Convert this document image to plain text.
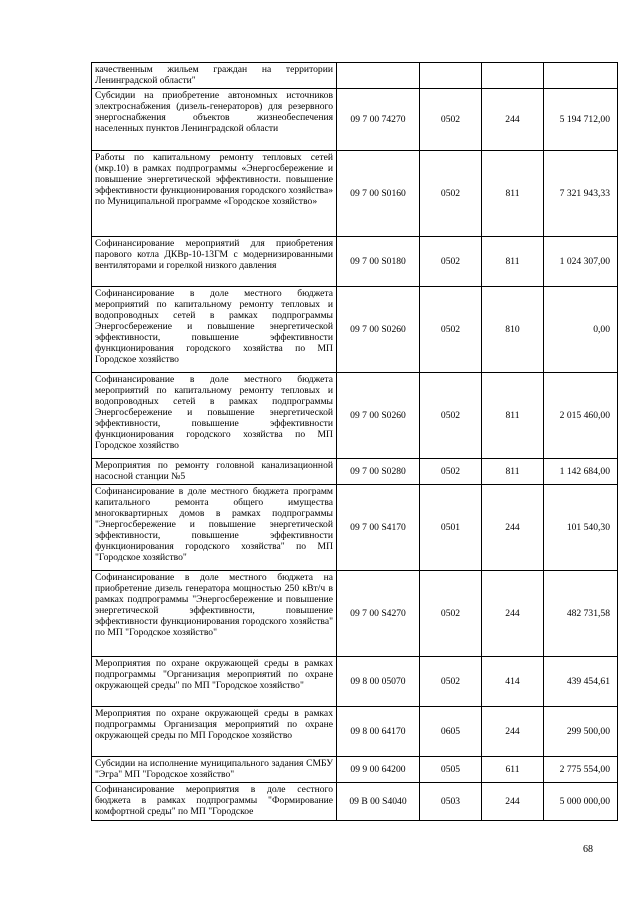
качественным жильем граждан на территории Ленинградской области"				
Субсидии на приобретение автономных источников электроснабжения (дизель-генераторов) для резервного энергоснабжения объектов жизнеобеспечения населенных пунктов Ленинградской области	09 7 00 74270	0502	244	5 194 712,00
Работы по капитальному ремонту тепловых сетей (мкр.10) в рамках подпрограммы «Энергосбережение и повышение энергетической эффективности. повышение эффективности функционирования городского хозяйства» по Муниципальной программе «Городское хозяйство»	09 7 00 S0160	0502	811	7 321 943,33
Софинансирование мероприятий для приобретения парового котла ДКВр-10-13ГМ с модернизированными вентиляторами и горелкой низкого давления	09 7 00 S0180	0502	811	1 024 307,00
Софинансирование в доле местного бюджета мероприятий по капитальному ремонту тепловых и водопроводных сетей в рамках подпрограммы Энергосбережение и повышение энергетической эффективности, повышение эффективности функционирования городского хозяйства по МП Городское хозяйство	09 7 00 S0260	0502	810	0,00
Софинансирование в доле местного бюджета мероприятий по капитальному ремонту тепловых и водопроводных сетей в рамках подпрограммы Энергосбережение и повышение энергетической эффективности, повышение эффективности функционирования городского хозяйства по МП Городское хозяйство	09 7 00 S0260	0502	811	2 015 460,00
Мероприятия по ремонту головной канализационной насосной станции №5	09 7 00 S0280	0502	811	1 142 684,00
Софинансирование в доле местного бюджета программ капитального ремонта общего имущества многоквартирных домов в рамках подпрограммы "Энергосбережение и повышение энергетической эффективности, повышение эффективности функционирования городского хозяйства" по МП "Городское хозяйство"	09 7 00 S4170	0501	244	101 540,30
Софинансирование в доле местного бюджета на приобретение дизель генератора мощностью 250 кВт/ч в рамках подпрограммы "Энергосбережение и повышение энергетической эффективности, повышение эффективности функционирования городского хозяйства" по МП "Городское хозяйство"	09 7 00 S4270	0502	244	482 731,58
Мероприятия по охране окружающей среды в рамках подпрограммы "Организация мероприятий по охране окружающей среды" по МП "Городское хозяйство"	09 8 00 05070	0502	414	439 454,61
Мероприятия по охране окружающей среды в рамках подпрограммы Организация мероприятий по охране окружающей среды по МП Городское хозяйство	09 8 00 64170	0605	244	299 500,00
Субсидии на исполнение муниципального задания СМБУ "Эгра" МП "Городское хозяйство"	09 9 00 64200	0505	611	2 775 554,00
Софинансирование мероприятия в доле сестного бюджета в рамках подпрограммы "Формирование комфортной среды" по МП "Городское	09 В 00 S4040	0503	244	5 000 000,00
68
